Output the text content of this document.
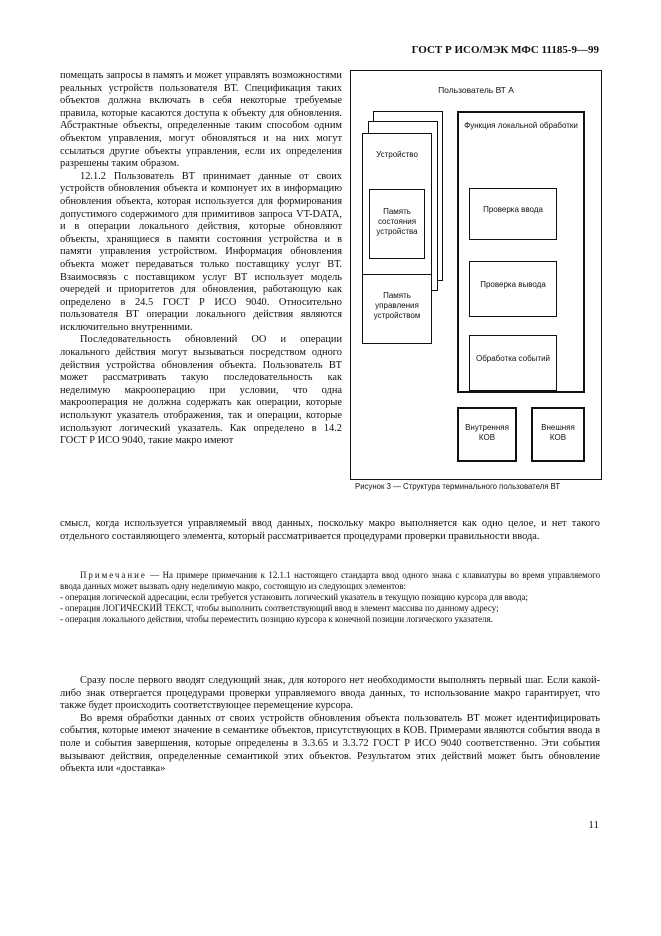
ГОСТ Р ИСО/МЭК МФС 11185-9—99

помещать запросы в память и может управлять возможностями реальных устройств пользователя ВТ. Спецификация таких объектов должна включать в себя некоторые требуемые правила, которые касаются доступа к объекту для обновления. Абстрактные объекты, определенные таким способом одним объектом управления, могут обновляться и на них могут ссылаться другие объекты управления, если их определения разрешены таким образом.

12.1.2 Пользователь ВТ принимает данные от своих устройств обновления объекта и компонует их в информацию обновления объекта, которая используется для формирования допустимого содержимого для примитивов запроса VT-DATA, и в операции локального действия, которые обновляют объекты, хранящиеся в памяти состояния устройства и в памяти управления устройством. Информация обновления объекта может передаваться только поставщику услуг ВТ. Взаимосвязь с поставщиком услуг ВТ использует модель очередей и приоритетов для обновления, работающую как определено в 24.5 ГОСТ Р ИСО 9040. Относительно пользователя ВТ операции локального действия являются исключительно внутренними.

Последовательность обновлений ОО и операции локального действия могут вызываться посредством одного действия устройства обновления объекта. Пользователь ВТ может рассматривать такую последовательность как неделимую макрооперацию при условии, что одна макрооперация не должна содержать как операции, которые используют указатель отображения, так и операции, которые используют логический указатель. Как определено в 14.2 ГОСТ Р ИСО 9040, такие макро имеют

смысл, когда используется управляемый ввод данных, поскольку макро выполняется как одно целое, и нет такого отдельного составляющего элемента, который рассматривается процедурами проверки правильности ввода.

Примечание — На примере примечания к 12.1.1 настоящего стандарта ввод одного знака с клавиатуры во время управляемого ввода данных может вызвать одну неделимую макро, состоящую из следующих элементов:

- операция логической адресации, если требуется установить логический указатель в текущую позицию курсора для ввода;

- операция ЛОГИЧЕСКИЙ ТЕКСТ, чтобы выполнить соответствующий ввод в элемент массива по данному адресу;

- операция локального действия, чтобы переместить позицию курсора к конечной позиции логического указателя.

Сразу после первого вводят следующий знак, для которого нет необходимости выполнять первый шаг. Если какой-либо знак отвергается процедурами проверки управляемого ввода данных, то использование макро гарантирует, что также будет происходить соответствующее перемещение курсора.

Во время обработки данных от своих устройств обновления объекта пользователь ВТ может идентифицировать события, которые имеют значение в семантике объектов, присутствующих в КОВ. Примерами являются события ввода в поле и события завершения, которые определены в 3.3.65 и 3.3.72 ГОСТ Р ИСО 9040 соответственно. Эти события вызывают действия, определенные семантикой этих объектов. Результатом этих действий может быть обновление объекта или «доставка»

Пользователь ВТ А
Устройство
Память состояния устройства
Память управления устройством
Функция локальной обработки
Проверка ввода
Проверка вывода
Обработка событий
Внутренняя КОВ
Внешняя КОВ
Рисунок 3 — Структура терминального пользователя ВТ
11
